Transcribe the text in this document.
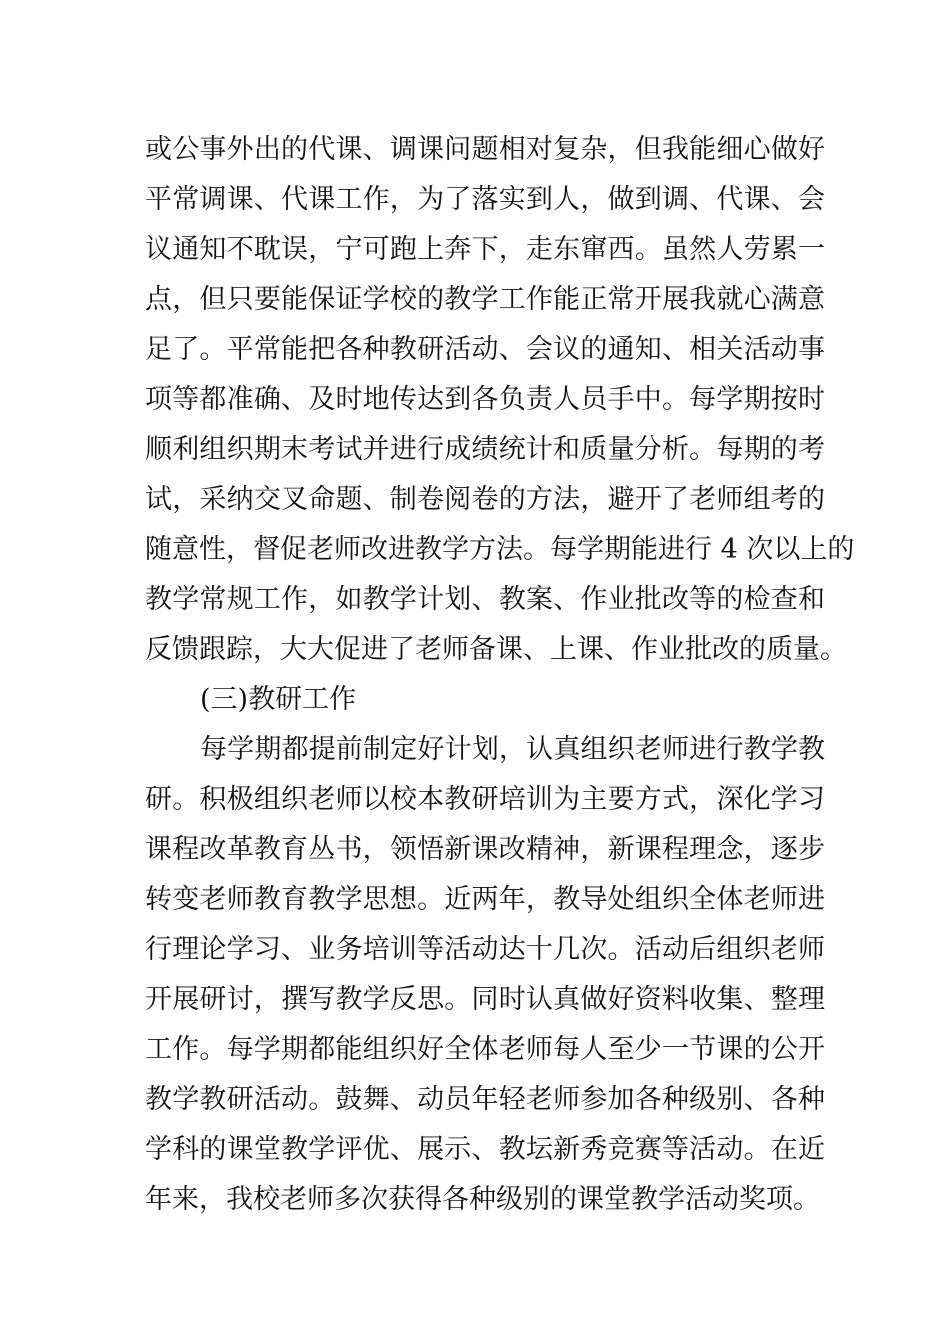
或公事外出的代课、调课问题相对复杂，但我能细心做好
平常调课、代课工作，为了落实到人，做到调、代课、会
议通知不耽误，宁可跑上奔下，走东窜西。虽然人劳累一
点，但只要能保证学校的教学工作能正常开展我就心满意
足了。平常能把各种教研活动、会议的通知、相关活动事
项等都准确、及时地传达到各负责人员手中。每学期按时
顺利组织期末考试并进行成绩统计和质量分析。每期的考
试，采纳交叉命题、制卷阅卷的方法，避开了老师组考的
随意性，督促老师改进教学方法。每学期能进行 4 次以上的
教学常规工作，如教学计划、教案、作业批改等的检查和
反馈跟踪，大大促进了老师备课、上课、作业批改的质量。
(三)教研工作
每学期都提前制定好计划，认真组织老师进行教学教
研。积极组织老师以校本教研培训为主要方式，深化学习
课程改革教育丛书，领悟新课改精神，新课程理念，逐步
转变老师教育教学思想。近两年，教导处组织全体老师进
行理论学习、业务培训等活动达十几次。活动后组织老师
开展研讨，撰写教学反思。同时认真做好资料收集、整理
工作。每学期都能组织好全体老师每人至少一节课的公开
教学教研活动。鼓舞、动员年轻老师参加各种级别、各种
学科的课堂教学评优、展示、教坛新秀竞赛等活动。在近
年来，我校老师多次获得各种级别的课堂教学活动奖项。
